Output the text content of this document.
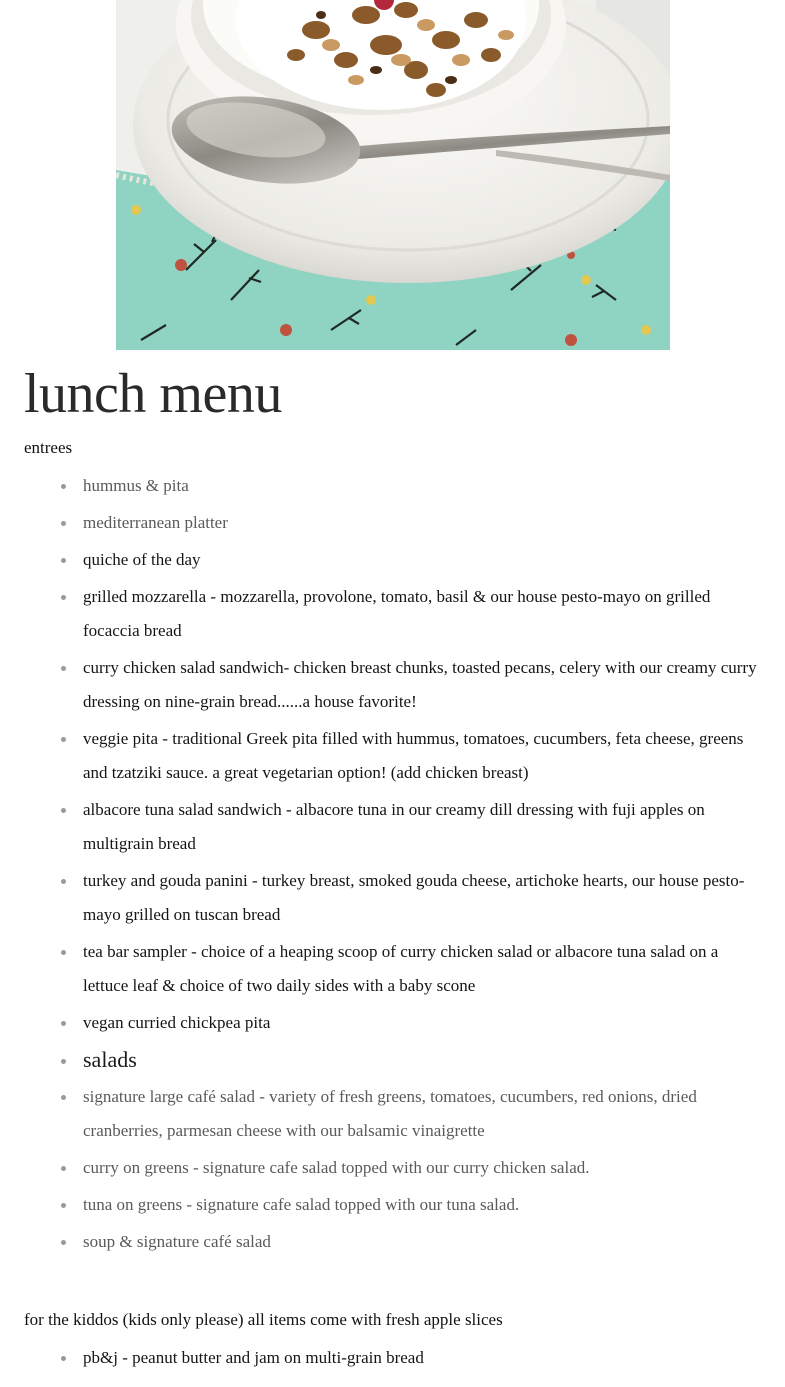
lunch menu

entrees

hummus & pita
mediterranean platter
quiche of the day
grilled mozzarella - mozzarella, provolone, tomato, basil & our house pesto-mayo on grilled focaccia bread
curry chicken salad sandwich- chicken breast chunks, toasted pecans, celery with our creamy curry dressing on nine-grain bread......a house favorite!
veggie pita - traditional Greek pita filled with hummus, tomatoes, cucumbers, feta cheese, greens and tzatziki sauce. a great vegetarian option! (add chicken breast)
albacore tuna salad sandwich - albacore tuna in our creamy dill dressing with fuji apples on multigrain bread
turkey and gouda panini - turkey breast, smoked gouda cheese, artichoke hearts, our house pesto-mayo grilled on tuscan bread
tea bar sampler - choice of a heaping scoop of curry chicken salad or albacore tuna salad on a lettuce leaf & choice of two daily sides with a baby scone
vegan curried chickpea pita
salads
signature large café salad - variety of fresh greens, tomatoes, cucumbers, red onions, dried cranberries, parmesan cheese with our balsamic vinaigrette
curry on greens - signature cafe salad topped with our curry chicken salad.
tuna on greens - signature cafe salad topped with our tuna salad.
soup & signature café salad

for the kiddos (kids only please) all items come with fresh apple slices

pb&j - peanut butter and jam on multi-grain bread
